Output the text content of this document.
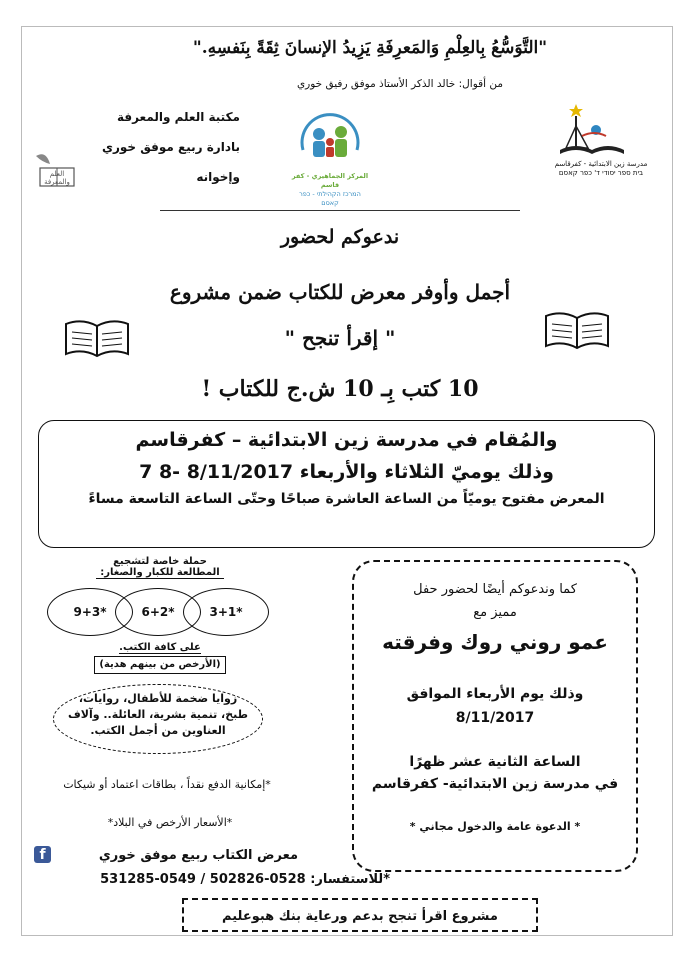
"التَّوَسُّعُ بِالعِلْمِ وَالمَعرِفَةِ يَزِيدُ الإنسانَ ثِقَةً بِنَفسِهِ."
من أقوال: خالد الذكر الأستاذ موفق رفيق خوري
مدرسة زين الابتدائية - كفرقاسم
בית ספר יסודי ד' כפר קאסם
المركز الجماهيري - كفر قاسم
המרכז הקהילתי - כפר קאסם
مكتبة العلم والمعرفة
بادارة ربيع موفق خوري
وإخوانه
العلم والمعرفة
ندعوكم لحضور
أجمل وأوفر معرض للكتاب ضمن مشروع
" إقرأ تنجح "
10 كتب بِـ 10 ش.ج للكتاب !
والمُقام في مدرسة زين الابتدائية – كفرقاسم
وذلك يوميّ الثلاثاء والأربعاء 8/11/2017 -8 7
المعرض مفتوح يوميّاً من الساعة العاشرة صباحًا وحتّى الساعة التاسعة مساءً
حملة خاصة لتشجيع
المطالعة للكبار والصغار:
3+1*
6+2*
9+3*
على كافة الكتب.
(الأرخص من بينهم هدية)
زوايا ضخمة للأطفال، روايات،
طبخ، تنمية بشرية، العائلة.. وآلاف
العناوين من أجمل الكتب.
*إمكانية الدفع نقداً ، بطاقات اعتماد أو شيكات
*الأسعار الأرخص في البلاد*
كما وندعوكم أيضًا لحضور حفل
مميز مع
عمو روني روك وفرقته
وذلك يوم الأربعاء الموافق
8/11/2017
الساعة الثانية عشر ظهرًا
في مدرسة زين الابتدائية- كفرقاسم
* الدعوة عامة والدخول مجاني *
f	معرض الكتاب ربيع موفق خوري
*للاستفسار: 0528-502826 / 0549-531285
مشروع اقرأ تنجح بدعم ورعاية بنك هبوعليم
